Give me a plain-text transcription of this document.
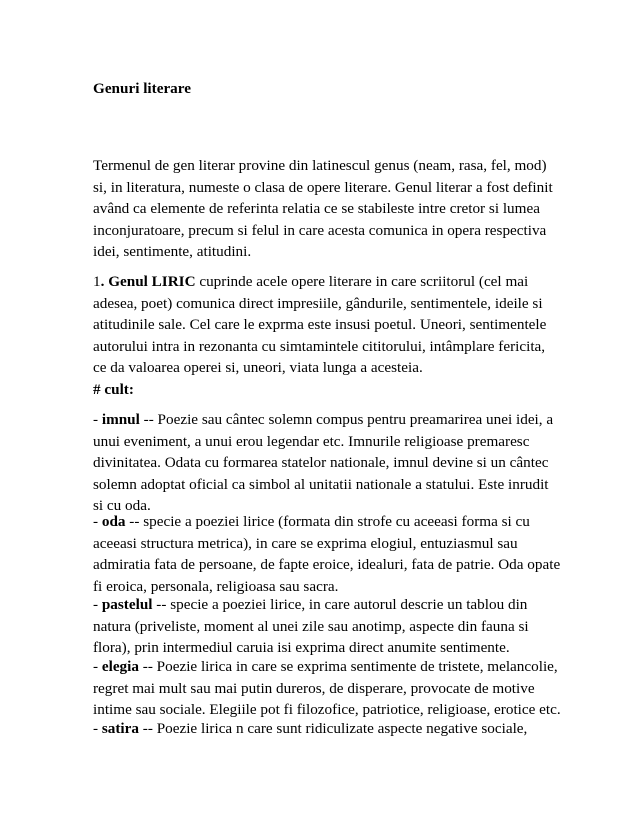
Genuri literare

Termenul de gen literar provine din latinescul genus (neam, rasa, fel, mod)
si, in literatura, numeste o clasa de opere literare. Genul literar a fost definit
având ca elemente de referinta relatia ce se stabileste intre cretor si lumea
inconjuratoare, precum si felul in care acesta comunica in opera respectiva
idei, sentimente, atitudini.

1. Genul LIRIC cuprinde acele opere literare in care scriitorul (cel mai
adesea, poet) comunica direct impresiile, gândurile, sentimentele, ideile si
atitudinile sale. Cel care le exprma este insusi poetul. Uneori, sentimentele
autorului intra in rezonanta cu simtamintele cititorului, intâmplare fericita,
ce da valoarea operei si, uneori, viata lunga a acesteia.

# cult:

- imnul -- Poezie sau cântec solemn compus pentru preamarirea unei idei, a
unui eveniment, a unui erou legendar etc. Imnurile religioase premaresc
divinitatea. Odata cu formarea statelor nationale, imnul devine si un cântec
solemn adoptat oficial ca simbol al unitatii nationale a statului. Este inrudit
si cu oda.

- oda -- specie a poeziei lirice (formata din strofe cu aceeasi forma si cu
aceeasi structura metrica), in care se exprima elogiul, entuziasmul sau
admiratia fata de persoane, de fapte eroice, idealuri, fata de patrie. Oda opate
fi eroica, personala, religioasa sau sacra.

- pastelul -- specie a poeziei lirice, in care autorul descrie un tablou din
natura (priveliste, moment al unei zile sau anotimp, aspecte din fauna si
flora), prin intermediul caruia isi exprima direct anumite sentimente.

- elegia -- Poezie lirica in care se exprima sentimente de tristete, melancolie,
regret mai mult sau mai putin dureros, de disperare, provocate de motive
intime sau sociale. Elegiile pot fi filozofice, patriotice, religioase, erotice etc.

- satira -- Poezie lirica n care sunt ridiculizate aspecte negative sociale,
